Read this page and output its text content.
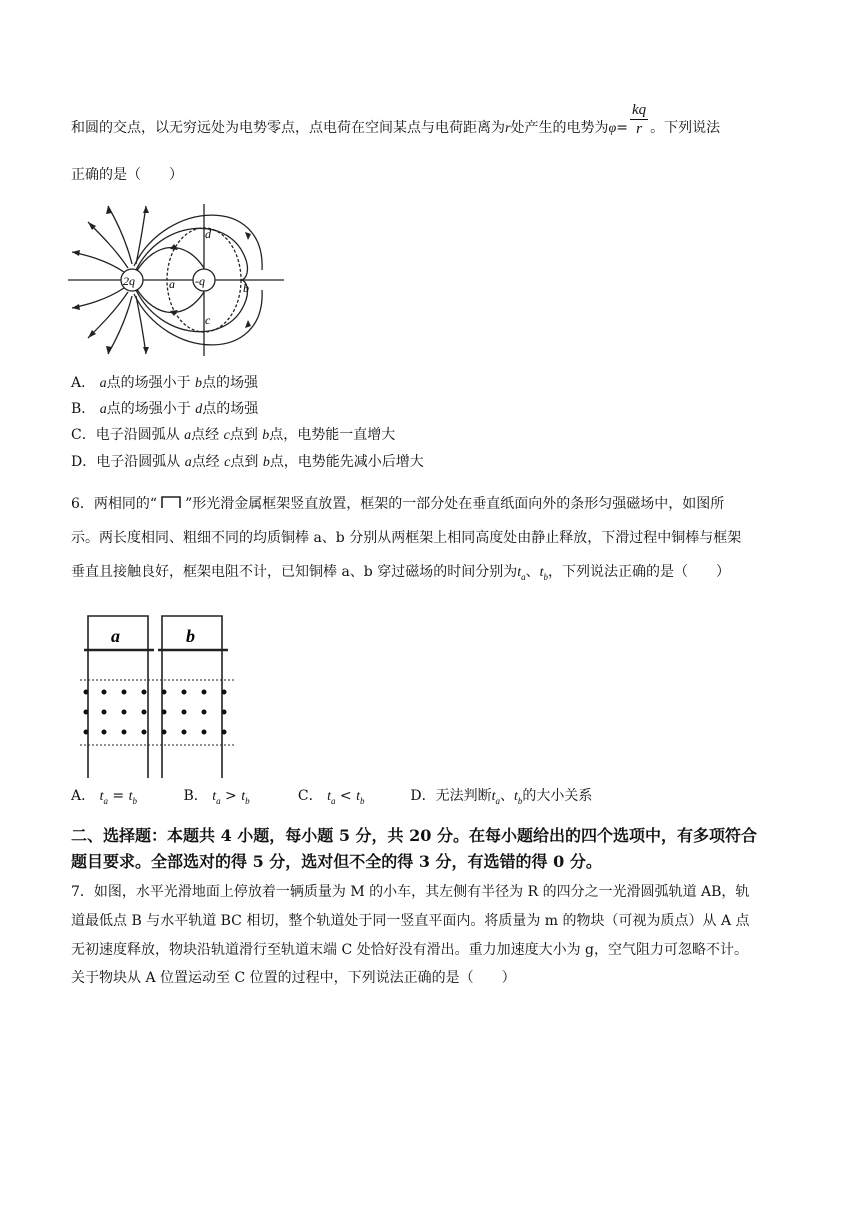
和圆的交点，以无穷远处为电势零点，点电荷在空间某点与电荷距离为r处产生的电势为$\varphi= \frac{kq}{r}$ 。下列说法
正确的是（　　）
2q	-q
a	b
c
d
A． a点的场强小于 b点的场强
B． a点的场强小于 d点的场强
C．电子沿圆弧从 a点经 c点到 b点，电势能一直增大
D．电子沿圆弧从 a点经 c点到 b点，电势能先减小后增大
6．两相同的“ ”形光滑金属框架竖直放置，框架的一部分处在垂直纸面向外的条形匀强磁场中，如图所
示。两长度相同、粗细不同的均质铜棒 a、b 分别从两框架上相同高度处由静止释放，下滑过程中铜棒与框架
垂直且接触良好，框架电阻不计，已知铜棒 a、b 穿过磁场的时间分别为$t_a$、$t_b$，下列说法正确的是（　　）
a	b
A． $t_a = t_b$	B． $t_a > t_b$	C． $t_a < t_b$	D．无法判断$t_a$、$t_b$的大小关系
二、选择题：本题共 4 小题，每小题 5 分，共 20 分。在每小题给出的四个选项中，有多项符合
题目要求。全部选对的得 5 分，选对但不全的得 3 分，有选错的得 0 分。
7．如图，水平光滑地面上停放着一辆质量为 M 的小车，其左侧有半径为 R 的四分之一光滑圆弧轨道 AB，轨
道最低点 B 与水平轨道 BC 相切，整个轨道处于同一竖直平面内。将质量为 m 的物块（可视为质点）从 A 点
无初速度释放，物块沿轨道滑行至轨道末端 C 处恰好没有滑出。重力加速度大小为 g，空气阻力可忽略不计。
关于物块从 A 位置运动至 C 位置的过程中，下列说法正确的是（　　）
